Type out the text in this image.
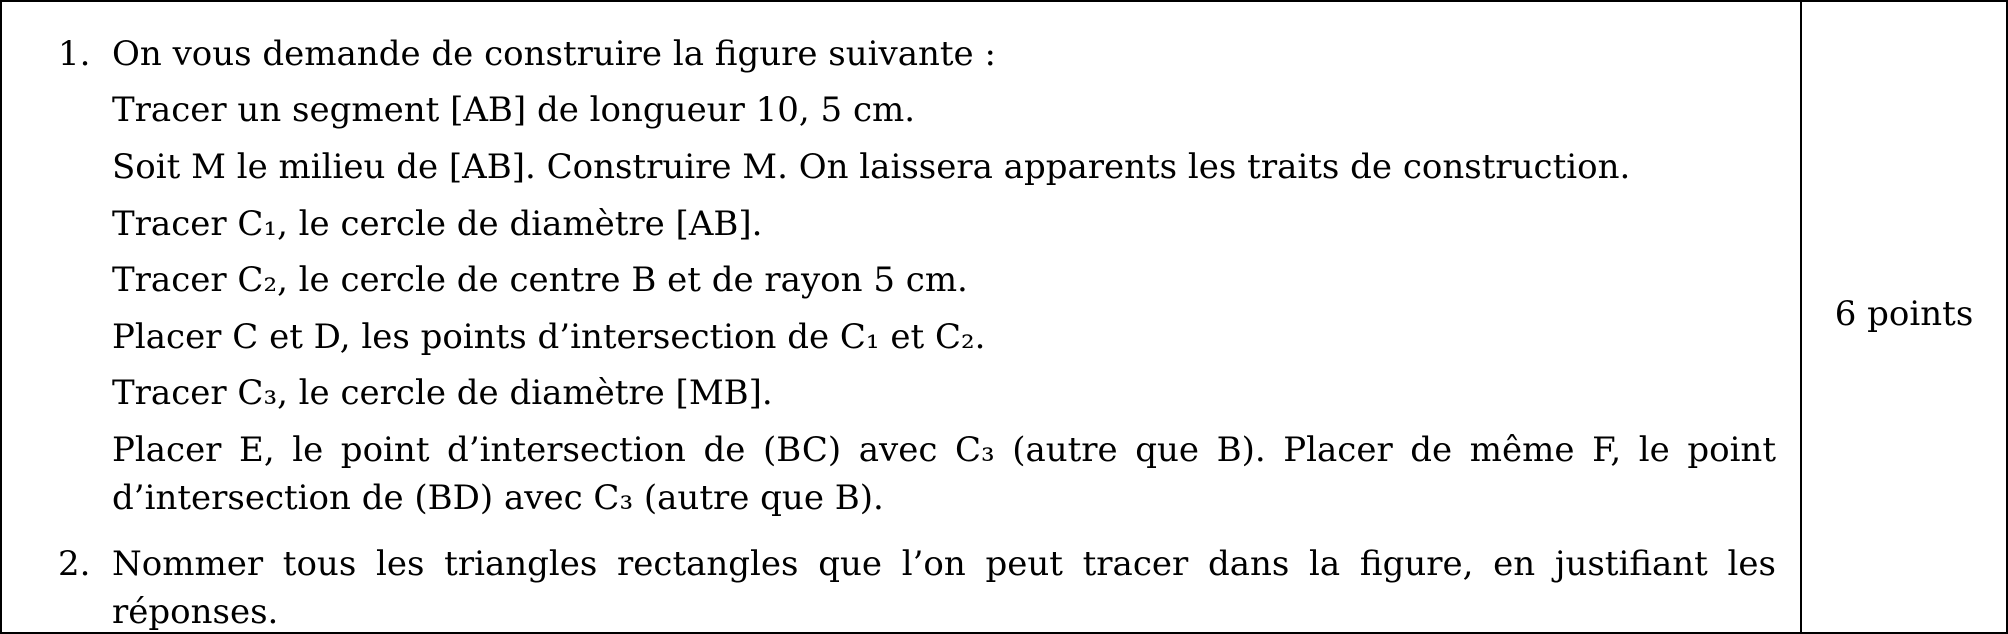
1. On vous demande de construire la figure suivante :
Tracer un segment [AB] de longueur 10, 5 cm.
Soit M le milieu de [AB]. Construire M. On laissera apparents les traits de construction.
Tracer C₁, le cercle de diamètre [AB].
Tracer C₂, le cercle de centre B et de rayon 5 cm.
Placer C et D, les points d’intersection de C₁ et C₂.
Tracer C₃, le cercle de diamètre [MB].
Placer E, le point d’intersection de (BC) avec C₃ (autre que B). Placer de même F, le point
d’intersection de (BD) avec C₃ (autre que B).
2. Nommer tous les triangles rectangles que l’on peut tracer dans la figure, en justifiant les
réponses.
6 points
